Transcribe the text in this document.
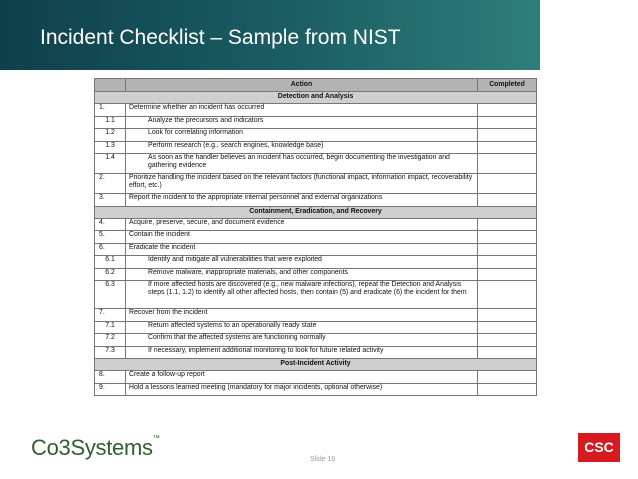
Incident Checklist – Sample from NIST
	Action	Completed
Detection and Analysis		
1.	Determine whether an incident has occurred	
1.1	Analyze the precursors and indicators	
1.2	Look for correlating information	
1.3	Perform research (e.g., search engines, knowledge base)	
1.4	As soon as the handler believes an incident has occurred, begin documenting the investigation and gathering evidence	
2.	Prioritize handling the incident based on the relevant factors (functional impact, information impact, recoverability effort, etc.)	
3.	Report the incident to the appropriate internal personnel and external organizations	
Containment, Eradication, and Recovery		
4.	Acquire, preserve, secure, and document evidence	
5.	Contain the incident	
6.	Eradicate the incident	
6.1	Identify and mitigate all vulnerabilities that were exploited	
6.2	Remove malware, inappropriate materials, and other components	
6.3	If more affected hosts are discovered (e.g., new malware infections), repeat the Detection and Analysis steps (1.1, 1.2) to identify all other affected hosts, then contain (5) and eradicate (6) the incident for them	
7.	Recover from the incident	
7.1	Return affected systems to an operationally ready state	
7.2	Confirm that the affected systems are functioning normally	
7.3	If necessary, implement additional monitoring to look for future related activity	
Post-Incident Activity		
8.	Create a follow-up report	
9.	Hold a lessons learned meeting (mandatory for major incidents, optional otherwise)	
Co3Systems™
Slide 16
CSC
